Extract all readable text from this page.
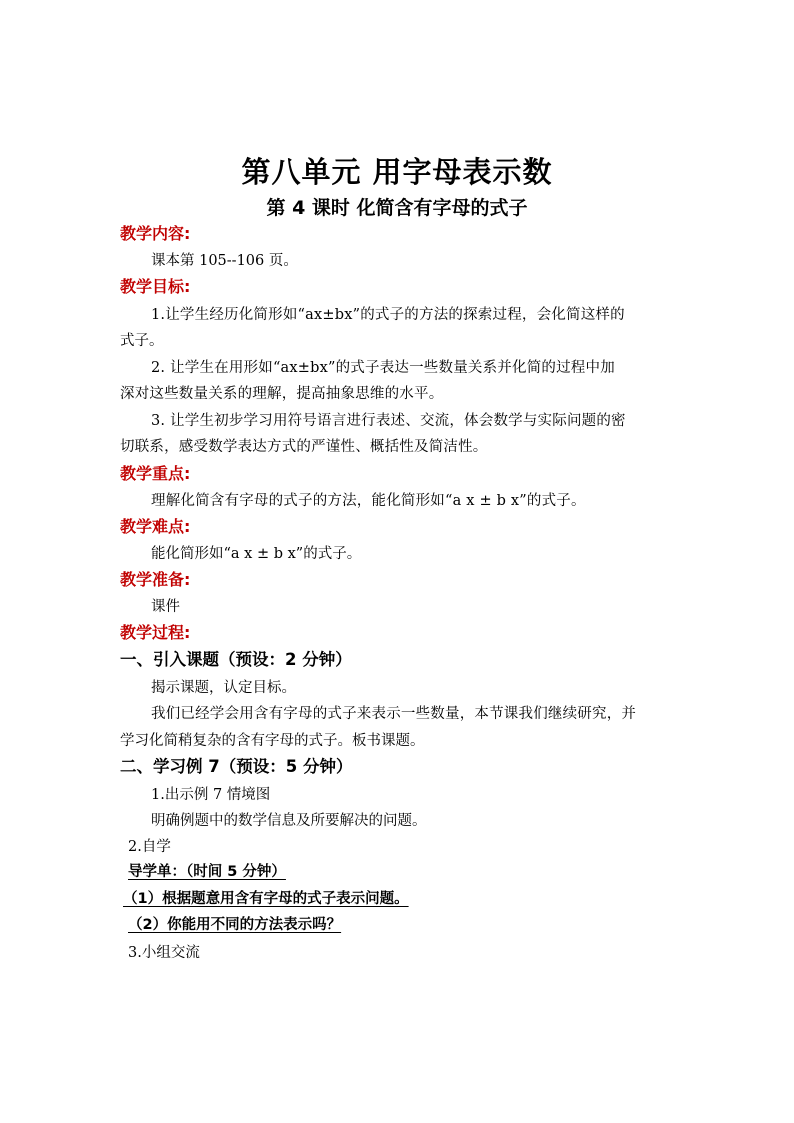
第八单元 用字母表示数
第 4 课时 化简含有字母的式子
教学内容:
课本第 105--106 页。
教学目标:
1.让学生经历化简形如“ax±bx”的式子的方法的探索过程，会化简这样的
式子。
2. 让学生在用形如“ax±bx”的式子表达一些数量关系并化简的过程中加
深对这些数量关系的理解，提高抽象思维的水平。
3. 让学生初步学习用符号语言进行表述、交流，体会数学与实际问题的密
切联系，感受数学表达方式的严谨性、概括性及简洁性。
教学重点:
理解化简含有字母的式子的方法，能化简形如“a x ± b x”的式子。
教学难点:
能化简形如“a x ± b x”的式子。
教学准备:
课件
教学过程:
一、引入课题（预设：2 分钟）
揭示课题，认定目标。
我们已经学会用含有字母的式子来表示一些数量，本节课我们继续研究，并
学习化简稍复杂的含有字母的式子。板书课题。
二、学习例 7（预设：5 分钟）
1.出示例 7 情境图
明确例题中的数学信息及所要解决的问题。
2.自学
导学单：（时间 5 分钟）
（1）根据题意用含有字母的式子表示问题。
（2）你能用不同的方法表示吗？
3.小组交流
